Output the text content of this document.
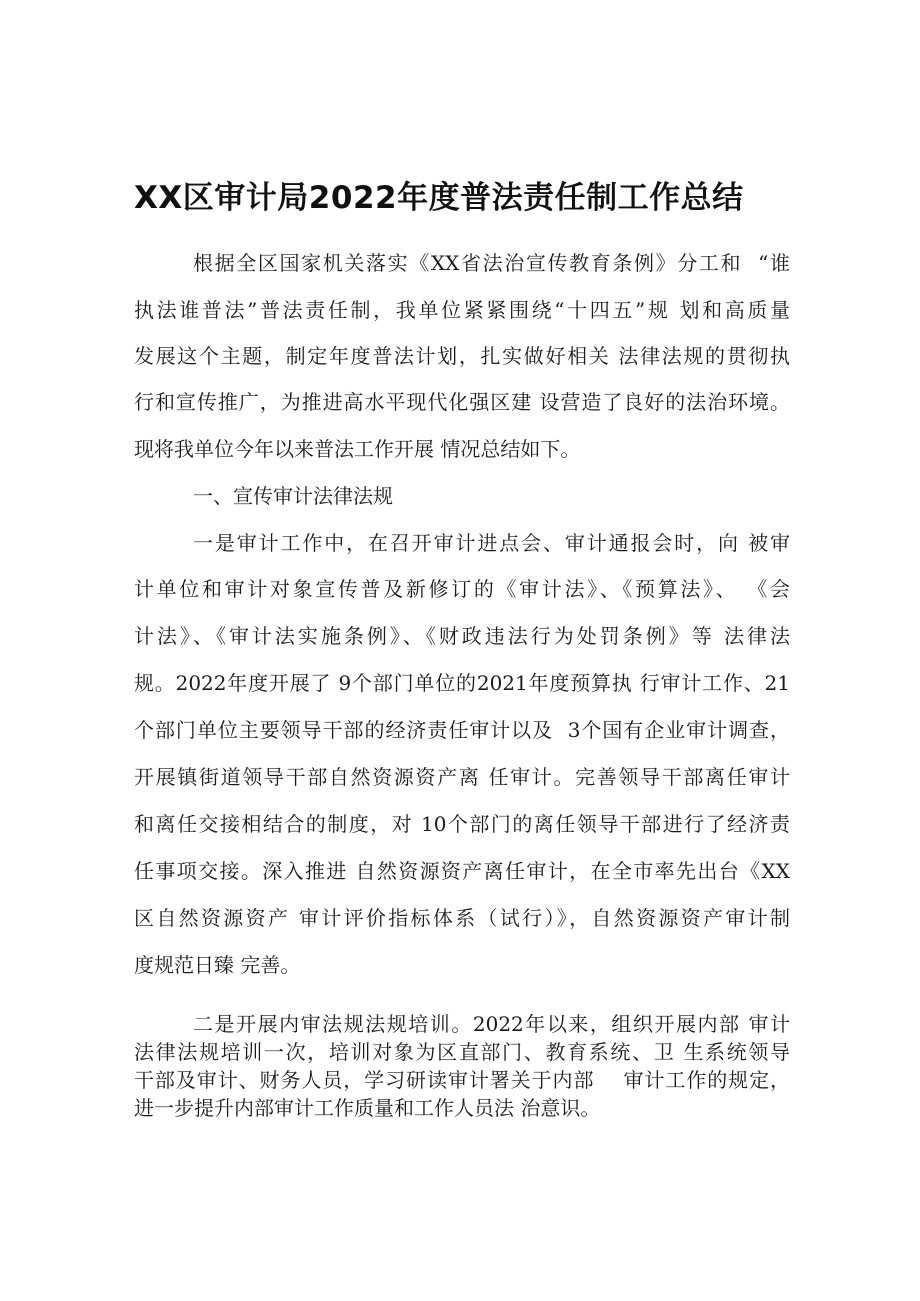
XX区审计局2022年度普法责任制工作总结

根据全区国家机关落实《XX省法治宣传教育条例》分工和  “谁

执法谁普法”普法责任制，我单位紧紧围绕“十四五”规 划和高质量

发展这个主题，制定年度普法计划，扎实做好相关 法律法规的贯彻执

行和宣传推广，为推进高水平现代化强区建 设营造了良好的法治环境。

现将我单位今年以来普法工作开展 情况总结如下。

一、宣传审计法律法规

一是审计工作中，在召开审计进点会、审计通报会时，向 被审

计单位和审计对象宣传普及新修订的《审计法》、《预算法》、 《会

计法》、《审计法实施条例》、《财政违法行为处罚条例》等 法律法

规。2022年度开展了 9个部门单位的2021年度预算执 行审计工作、21

个部门单位主要领导干部的经济责任审计以及  3个国有企业审计调查，

开展镇街道领导干部自然资源资产离 任审计。完善领导干部离任审计

和离任交接相结合的制度，对 10个部门的离任领导干部进行了经济责

任事项交接。深入推进 自然资源资产离任审计，在全市率先出台《XX

区自然资源资产 审计评价指标体系（试行）》，自然资源资产审计制

度规范日臻 完善。

二是开展内审法规法规培训。2022年以来，组织开展内部 审计

法律法规培训一次，培训对象为区直部门、教育系统、卫 生系统领导

干部及审计、财务人员，学习研读审计署关于内部    审计工作的规定，

进一步提升内部审计工作质量和工作人员法 治意识。
